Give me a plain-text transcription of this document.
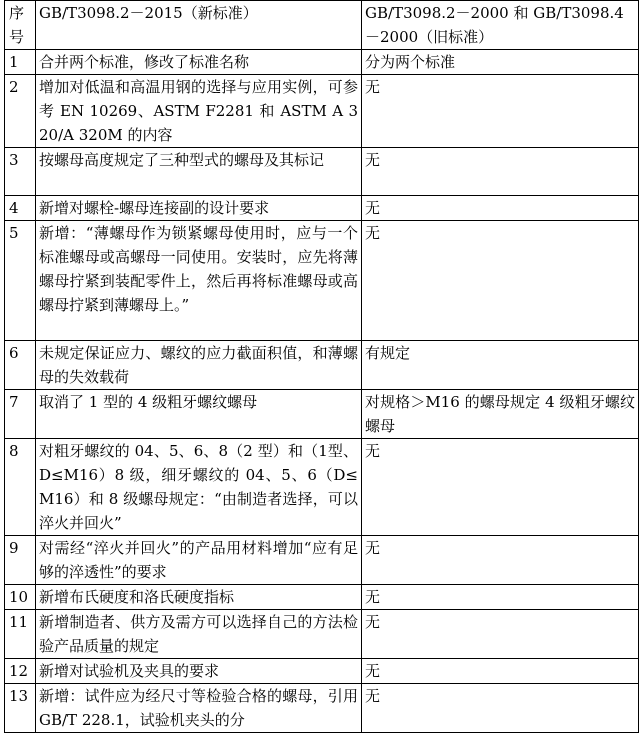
序号	GB/T3098.2－2015（新标准）	GB/T3098.2－2000 和 GB/T3098.4－2000（旧标准）
1	合并两个标准，修改了标准名称	分为两个标准
2	增加对低温和高温用钢的选择与应用实例，可参考 EN 10269、ASTM F2281 和 ASTM A 320/A 320M 的内容	无
3	按螺母高度规定了三种型式的螺母及其标记	无
4	新增对螺栓-螺母连接副的设计要求	无
5	新增：“薄螺母作为锁紧螺母使用时，应与一个标准螺母或高螺母一同使用。安装时，应先将薄螺母拧紧到装配零件上，然后再将标准螺母或高螺母拧紧到薄螺母上。”	无
6	未规定保证应力、螺纹的应力截面积值，和薄螺母的失效载荷	有规定
7	取消了 1 型的 4 级粗牙螺纹螺母	对规格＞M16 的螺母规定 4 级粗牙螺纹螺母
8	对粗牙螺纹的 04、5、6、8（2 型）和（1型、D≤M16）8 级，细牙螺纹的 04、5、6（D≤M16）和 8 级螺母规定：“由制造者选择，可以淬火并回火”	无
9	对需经“淬火并回火”的产品用材料增加“应有足够的淬透性”的要求	无
10	新增布氏硬度和洛氏硬度指标	无
11	新增制造者、供方及需方可以选择自己的方法检验产品质量的规定	无
12	新增对试验机及夹具的要求	无
13	新增：试件应为经尺寸等检验合格的螺母，引用 GB/T 228.1，试验机夹头的分	无
